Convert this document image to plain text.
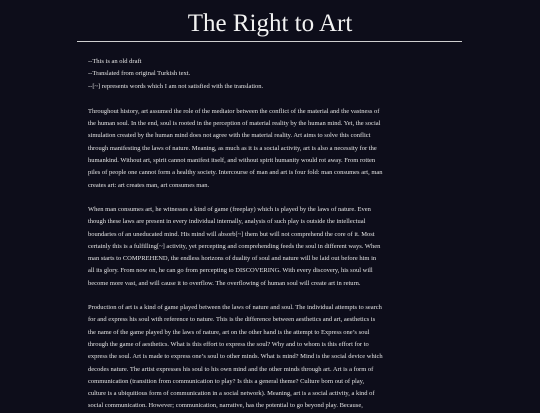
The Right to Art

--This is an old draft

--Translated from original Turkish text.

--[~] represents words which I am not satisfied with the translation.

Throughout history, art assumed the role of the mediator between the conflict of the material and the vastness of
the human soul. In the end, soul is rooted in the perception of material reality by the human mind. Yet, the social
simulation created by the human mind does not agree with the material reality. Art aims to solve this conflict
through manifesting the laws of nature. Meaning, as much as it is a social activity, art is also a necessity for the
humankind. Without art, spirit cannot manifest itself, and without spirit humanity would rot away. From rotten
piles of people one cannot form a healthy society. Intercourse of man and art is four fold: man consumes art, man
creates art: art creates man, art consumes man.
When man consumes art, he witnesses a kind of game (freeplay) which is played by the laws of nature. Even
though these laws are present in every individual internally, analysis of such play is outside the intellectual
boundaries of an uneducated mind. His mind will absorb[~] them but will not comprehend the core of it. Most
certainly this is a fulfilling[~] activity, yet percepting and comprehending feeds the soul in different ways. When
man starts to COMPREHEND, the endless horizons of duality of soul and nature will be laid out before him in
all its glory. From now on, he can go from percepting to DISCOVERING. With every discovery, his soul will
become more vast, and will cause it to overflow. The overflowing of human soul will create art in return.
Production of art is a kind of game played between the laws of nature and soul. The individual attempts to search
for and express his soul with reference to nature. This is the difference between aesthetics and art, aesthetics is
the name of the game played by the laws of nature, art on the other hand is the attempt to Express one’s soul
through the game of aesthetics. What is this effort to express the soul? Why and to whom is this effort for to
express the soul. Art is made to express one’s soul to other minds. What is mind? Mind is the social device which
decodes nature. The artist expresses his soul to his own mind and the other minds through art. Art is a form of
communication (transition from communication to play? Is this a general theme? Culture born out of play,
culture is a ubiquitious form of communication in a social network). Meaning, art is a social activity, a kind of
social communication. However; communication, narrative, has the potential to go beyond play. Because,
